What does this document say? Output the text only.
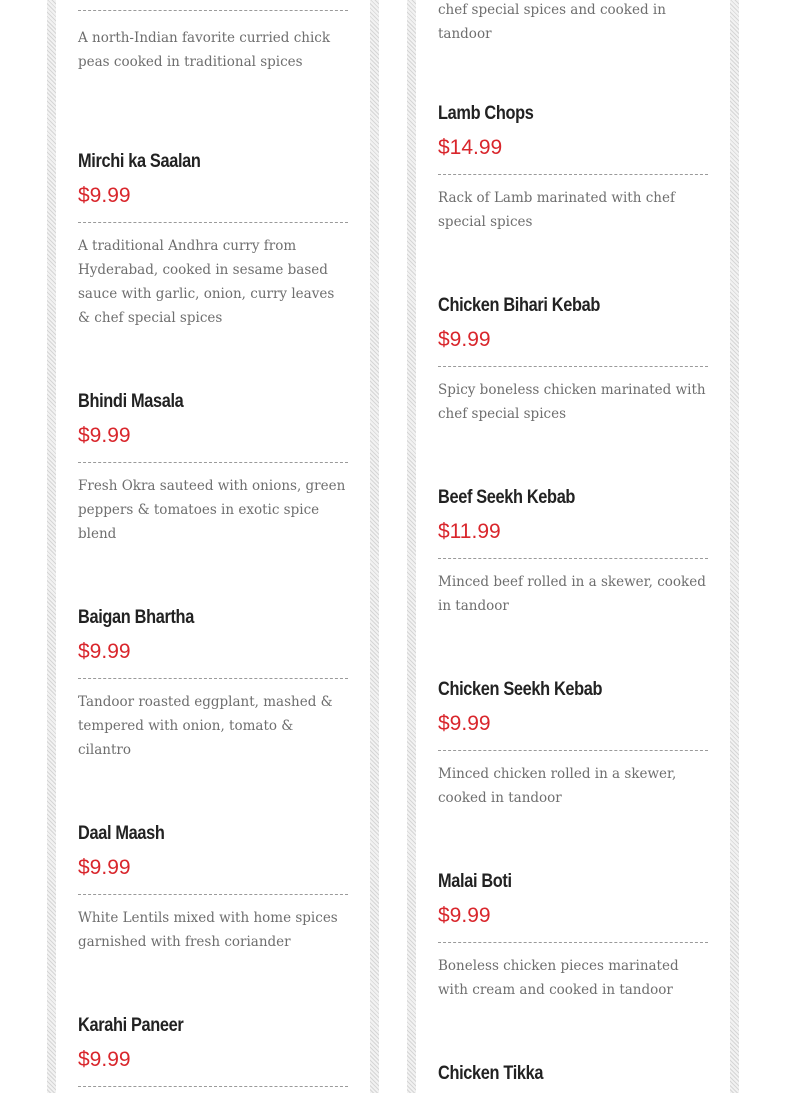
A north-Indian favorite curried chick peas cooked in traditional spices

Mirchi ka Saalan
$9.99

A traditional Andhra curry from Hyderabad, cooked in sesame based sauce with garlic, onion, curry leaves & chef special spices

Bhindi Masala
$9.99

Fresh Okra sauteed with onions, green peppers & tomatoes in exotic spice blend

Baigan Bhartha
$9.99

Tandoor roasted eggplant, mashed & tempered with onion, tomato & cilantro

Daal Maash
$9.99

White Lentils mixed with home spices garnished with fresh coriander

Karahi Paneer
$9.99

chef special spices and cooked in tandoor

Lamb Chops
$14.99

Rack of Lamb marinated with chef special spices

Chicken Bihari Kebab
$9.99

Spicy boneless chicken marinated with chef special spices

Beef Seekh Kebab
$11.99

Minced beef rolled in a skewer, cooked in tandoor

Chicken Seekh Kebab
$9.99

Minced chicken rolled in a skewer, cooked in tandoor

Malai Boti
$9.99

Boneless chicken pieces marinated with cream and cooked in tandoor

Chicken Tikka
